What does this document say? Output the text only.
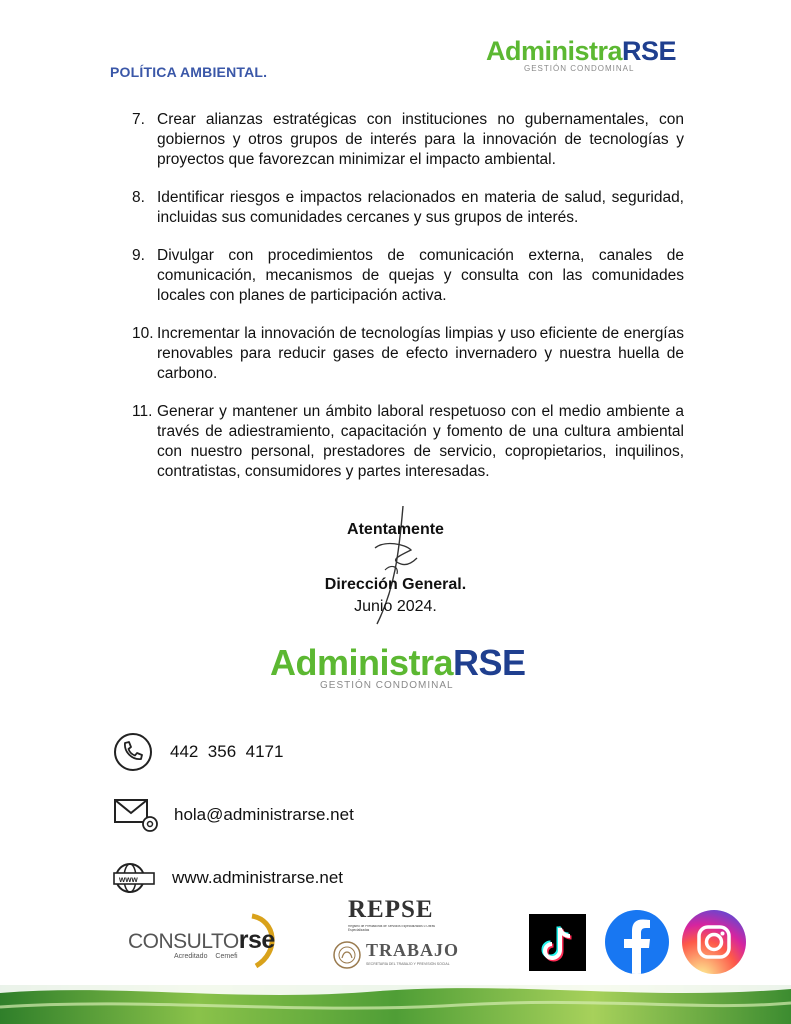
POLÍTICA AMBIENTAL.
AdministraRSE
GESTIÓN CONDOMINAL
7. Crear alianzas estratégicas con instituciones no gubernamentales, con gobiernos y otros grupos de interés para la innovación de tecnologías y proyectos que favorezcan minimizar el impacto ambiental.
8. Identificar riesgos e impactos relacionados en materia de salud, seguridad, incluidas sus comunidades cercanes y sus grupos de interés.
9. Divulgar con procedimientos de comunicación externa, canales de comunicación, mecanismos de quejas y consulta con las comunidades locales con planes de participación activa.
10. Incrementar la innovación de tecnologías limpias y uso eficiente de energías renovables para reducir gases de efecto invernadero y nuestra huella de carbono.
11. Generar y mantener un ámbito laboral respetuoso con el medio ambiente a través de adiestramiento, capacitación y fomento de una cultura ambiental con nuestro personal, prestadores de servicio, copropietarios, inquilinos, contratistas, consumidores y partes interesadas.
Atentamente
Dirección General.
Junio 2024.
AdministraRSE
GESTIÓN CONDOMINAL
442  356  4171
hola@administrarse.net
www www.administrarse.net
CONSULTOrse
Acreditado Cemefi
REPSE
Registro de Prestadoras de Servicios Especializados u Obras Especializadas
TRABAJO
SECRETARÍA DEL TRABAJO Y PREVISIÓN SOCIAL
